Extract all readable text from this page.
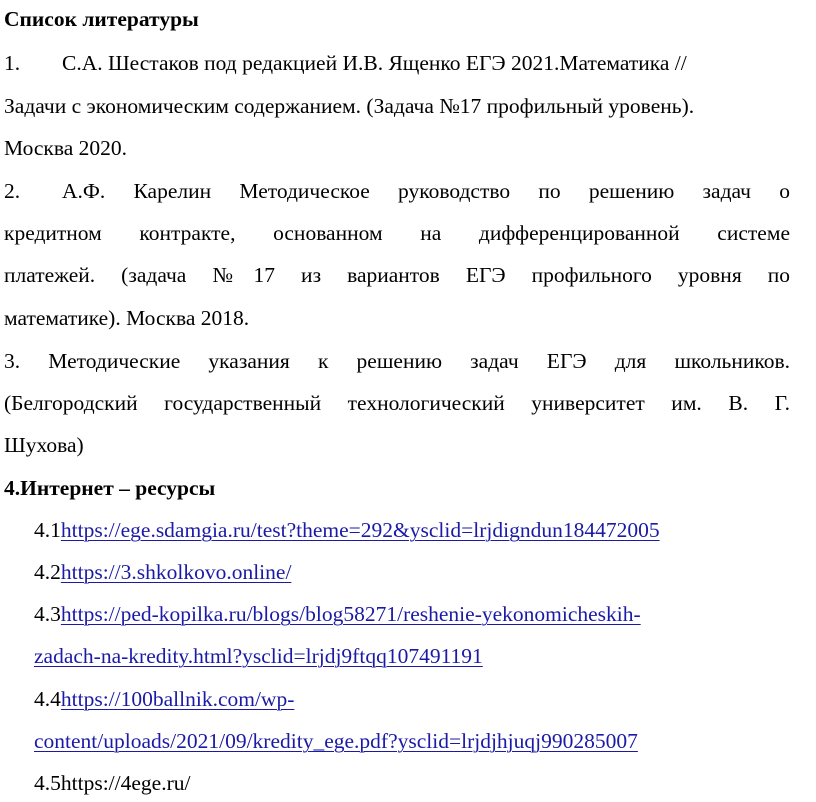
Список литературы
1. С.А. Шестаков под редакцией И.В. Ященко ЕГЭ 2021.Математика //
Задачи с экономическим содержанием. (Задача №17 профильный уровень).
Москва 2020.
2. А.Ф. Карелин Методическое руководство по решению задач о
кредитном контракте, основанном на дифференцированной системе
платежей. (задача №17 из вариантов ЕГЭ профильного уровня по
математике). Москва 2018.
3. Методические указания к решению задач ЕГЭ для школьников.
(Белгородский государственный технологический университет им. В. Г.
Шухова)
4.Интернет – ресурсы
4.1https://ege.sdamgia.ru/test?theme=292&ysclid=lrjdigndun184472005
4.2https://3.shkolkovo.online/
4.3https://ped-kopilka.ru/blogs/blog58271/reshenie-yekonomicheskih-
zadach-na-kredity.html?ysclid=lrjdj9ftqq107491191
4.4https://100ballnik.com/wp-
content/uploads/2021/09/kredity_ege.pdf?ysclid=lrjdjhjuqj990285007
4.5https://4ege.ru/
